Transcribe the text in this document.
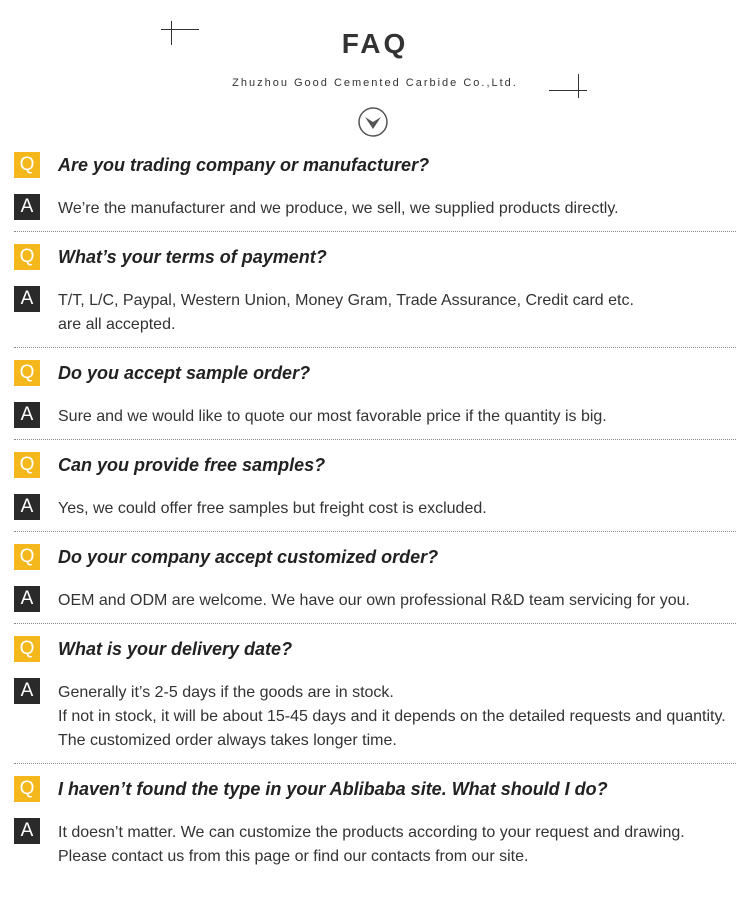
FAQ
Zhuzhou Good Cemented Carbide Co.,Ltd.
Q	Are you trading company or manufacturer?
A	We’re the manufacturer and we produce, we sell, we supplied products directly.
Q	What’s your terms of payment?
A	T/T, L/C, Paypal, Western Union, Money Gram, Trade Assurance, Credit card etc.
are all accepted.
Q	Do you accept sample order?
A	Sure and we would like to quote our most favorable price if the quantity is big.
Q	Can you provide free samples?
A	Yes, we could offer free samples but freight cost is excluded.
Q	Do your company accept customized order?
A	OEM and ODM are welcome. We have our own professional R&D team servicing for you.
Q	What is your delivery date?
A	Generally it’s 2-5 days if the goods are in stock.
If not in stock, it will be about 15-45 days and it depends on the detailed requests and quantity.
The customized order always takes longer time.
Q	I haven’t found the type in your Ablibaba site. What should I do?
A	It doesn’t matter. We can customize the products according to your request and drawing.
Please contact us from this page or find our contacts from our site.
